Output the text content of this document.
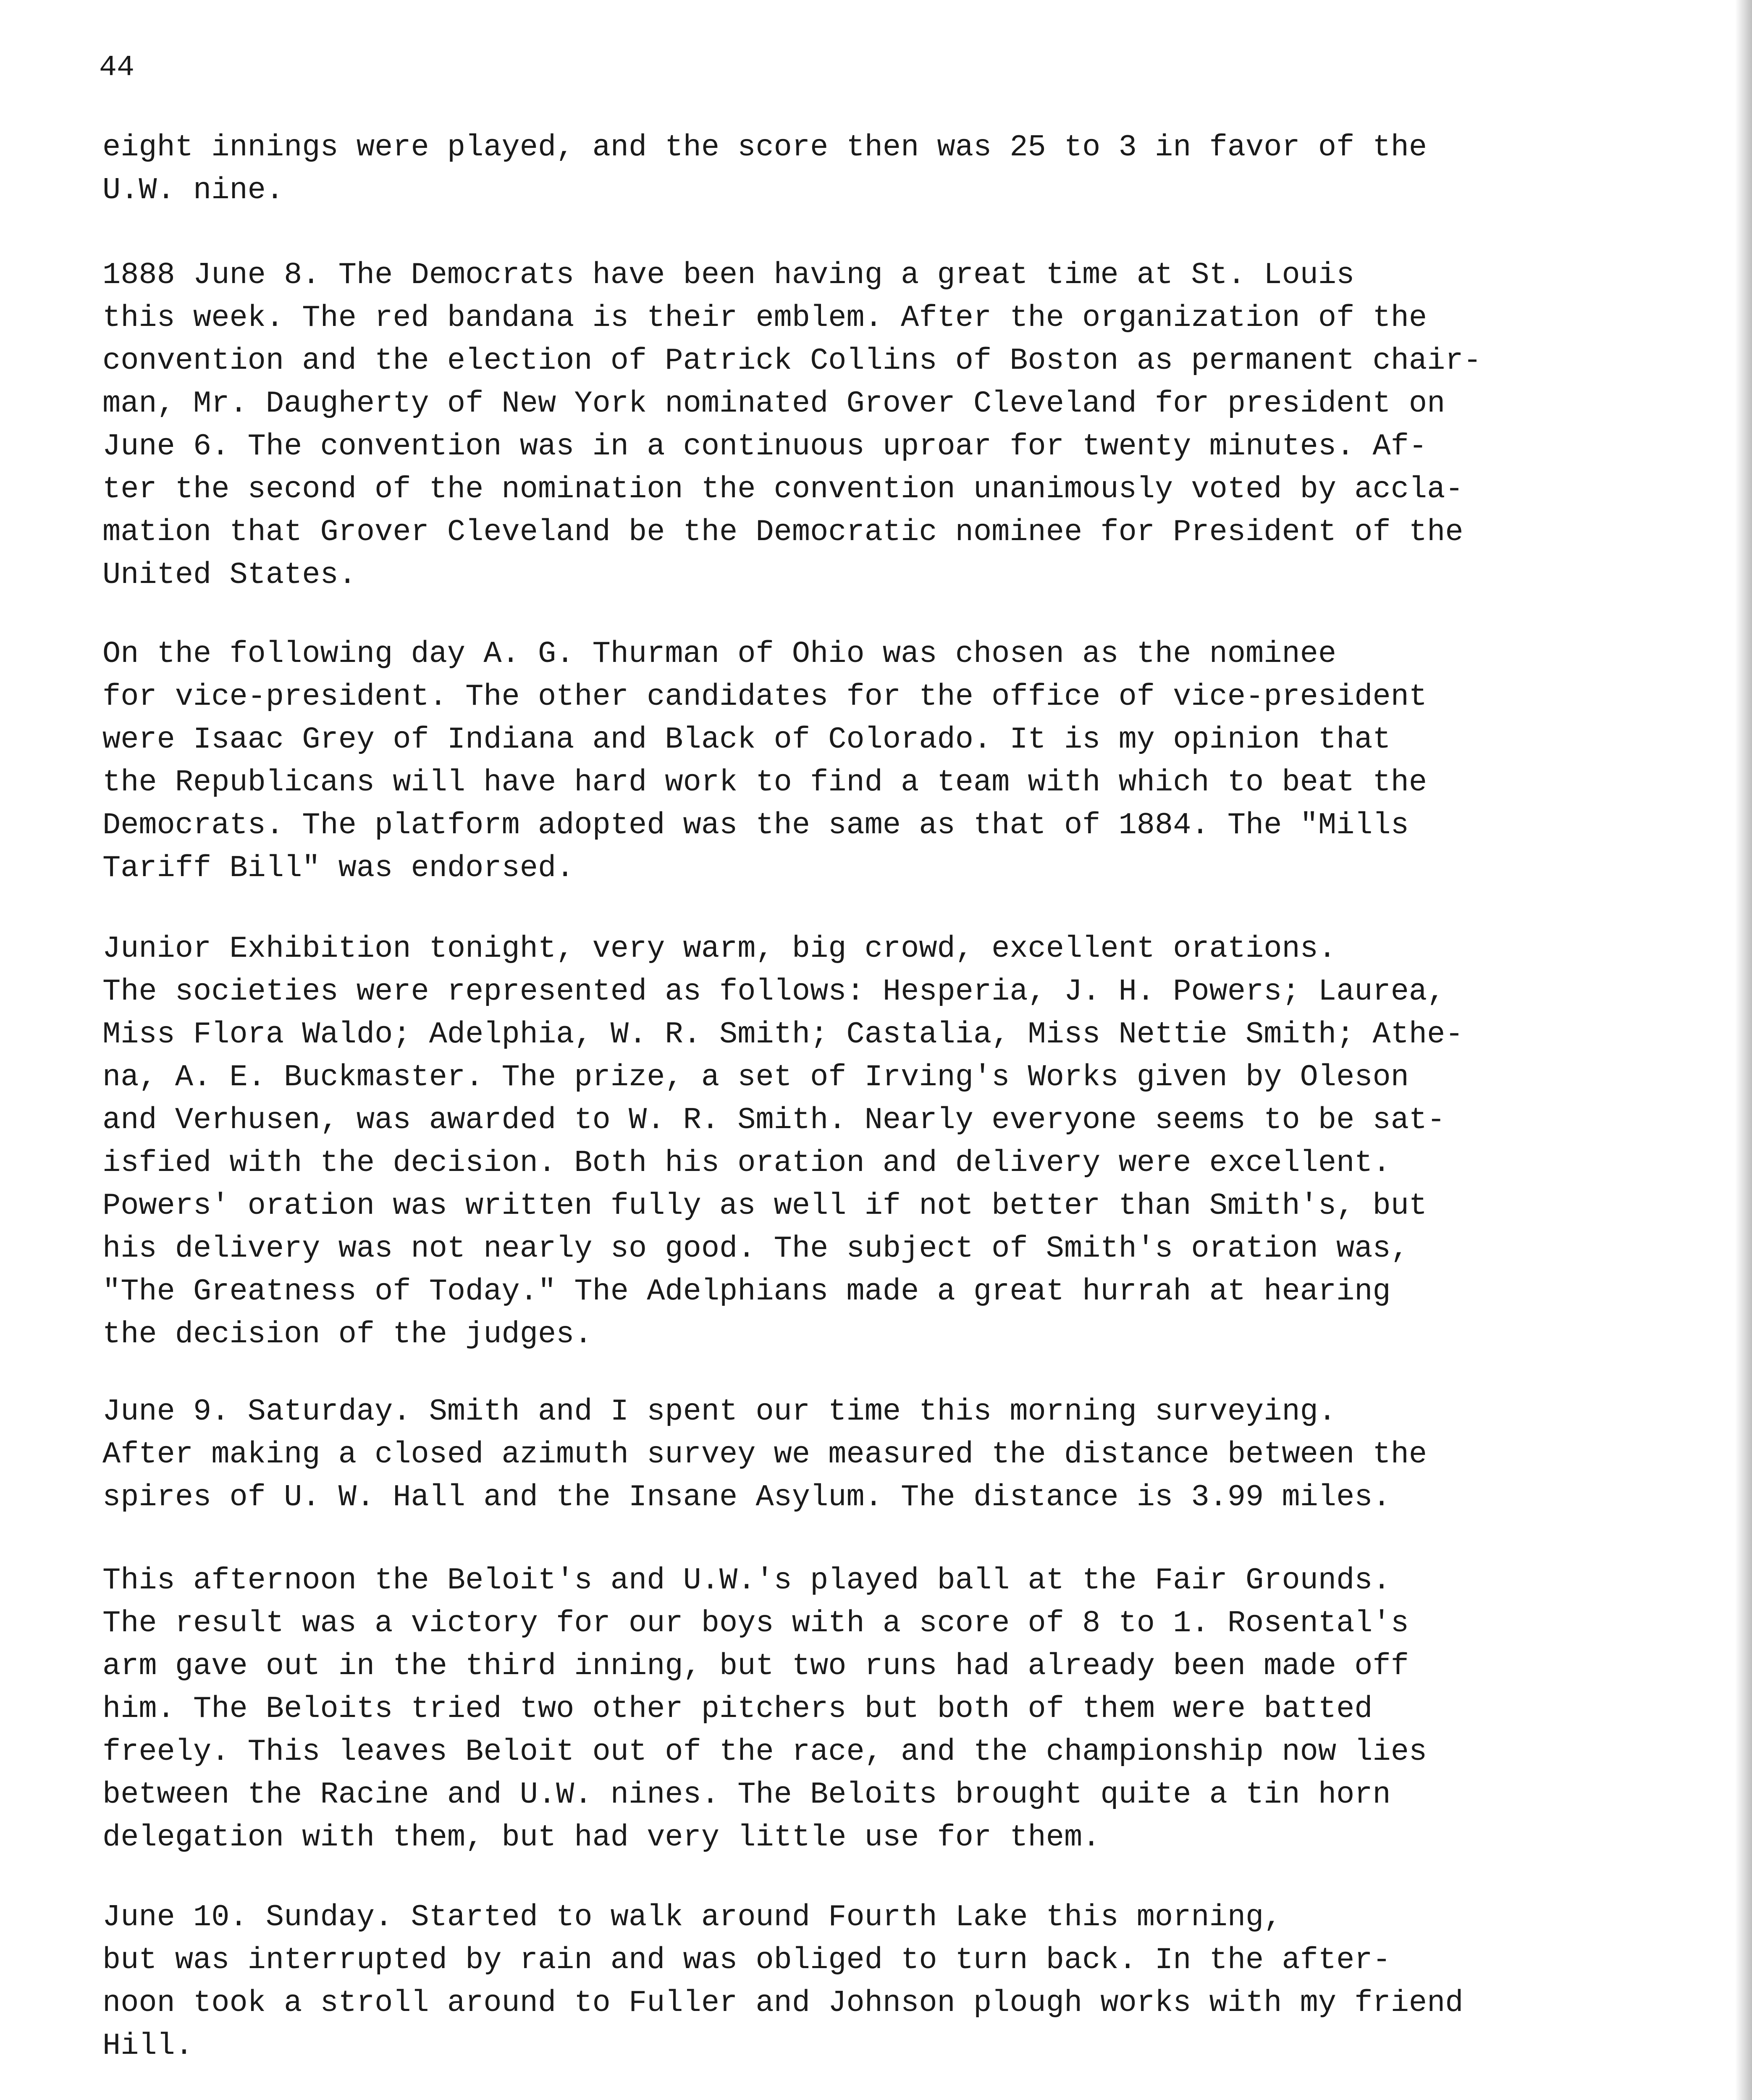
44
eight innings were played, and the score then was 25 to 3 in favor of the
U.W. nine.
1888 June 8. The Democrats have been having a great time at St. Louis
this week. The red bandana is their emblem. After the organization of the
convention and the election of Patrick Collins of Boston as permanent chair-
man, Mr. Daugherty of New York nominated Grover Cleveland for president on
June 6. The convention was in a continuous uproar for twenty minutes. Af-
ter the second of the nomination the convention unanimously voted by accla-
mation that Grover Cleveland be the Democratic nominee for President of the
United States.
On the following day A. G. Thurman of Ohio was chosen as the nominee
for vice-president. The other candidates for the office of vice-president
were Isaac Grey of Indiana and Black of Colorado. It is my opinion that
the Republicans will have hard work to find a team with which to beat the
Democrats. The platform adopted was the same as that of 1884. The "Mills
Tariff Bill" was endorsed.
Junior Exhibition tonight, very warm, big crowd, excellent orations.
The societies were represented as follows: Hesperia, J. H. Powers; Laurea,
Miss Flora Waldo; Adelphia, W. R. Smith; Castalia, Miss Nettie Smith; Athe-
na, A. E. Buckmaster. The prize, a set of Irving's Works given by Oleson
and Verhusen, was awarded to W. R. Smith. Nearly everyone seems to be sat-
isfied with the decision. Both his oration and delivery were excellent.
Powers' oration was written fully as well if not better than Smith's, but
his delivery was not nearly so good. The subject of Smith's oration was,
"The Greatness of Today." The Adelphians made a great hurrah at hearing
the decision of the judges.
June 9. Saturday. Smith and I spent our time this morning surveying.
After making a closed azimuth survey we measured the distance between the
spires of U. W. Hall and the Insane Asylum. The distance is 3.99 miles.
This afternoon the Beloit's and U.W.'s played ball at the Fair Grounds.
The result was a victory for our boys with a score of 8 to 1. Rosental's
arm gave out in the third inning, but two runs had already been made off
him. The Beloits tried two other pitchers but both of them were batted
freely. This leaves Beloit out of the race, and the championship now lies
between the Racine and U.W. nines. The Beloits brought quite a tin horn
delegation with them, but had very little use for them.
June 10. Sunday. Started to walk around Fourth Lake this morning,
but was interrupted by rain and was obliged to turn back. In the after-
noon took a stroll around to Fuller and Johnson plough works with my friend
Hill.
